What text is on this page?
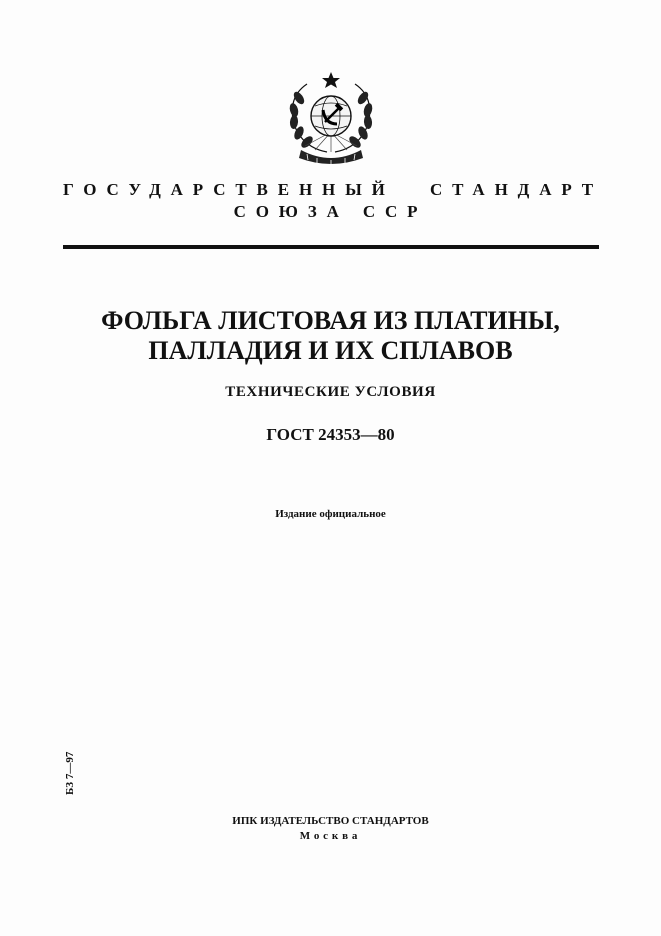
ГОСУДАРСТВЕННЫЙ СТАНДАРТ
СОЮЗА ССР
ФОЛЬГА ЛИСТОВАЯ ИЗ ПЛАТИНЫ,
ПАЛЛАДИЯ И ИХ СПЛАВОВ
ТЕХНИЧЕСКИЕ УСЛОВИЯ
ГОСТ 24353—80
Издание официальное
БЗ 7—97
ИПК ИЗДАТЕЛЬСТВО СТАНДАРТОВ
Москва
